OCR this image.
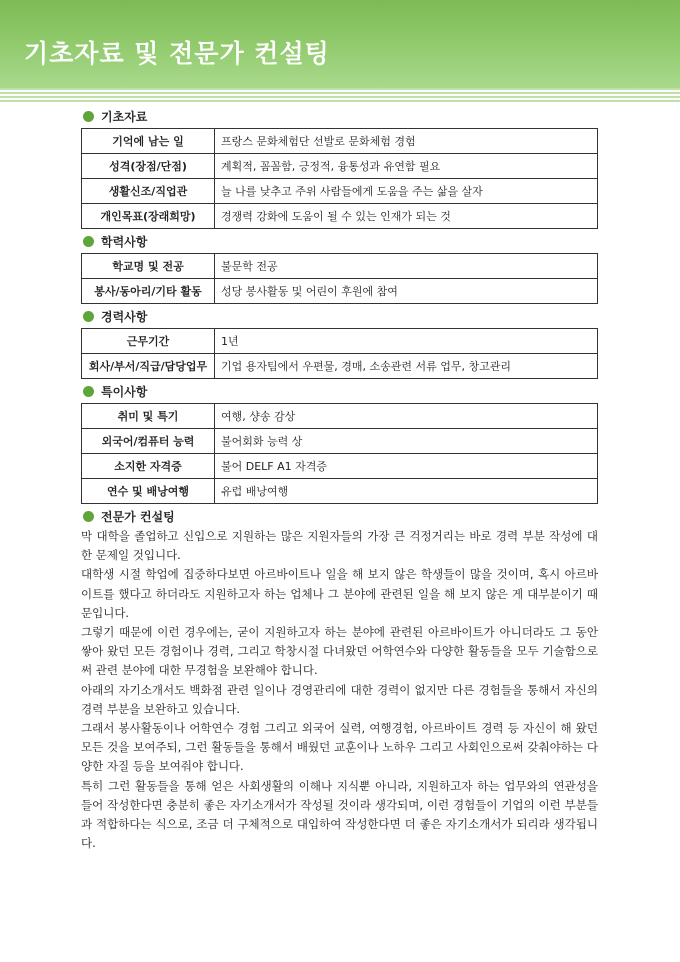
기초자료 및 전문가 컨설팅
기초자료
기억에 남는 일	프랑스 문화체험단 선발로 문화체험 경험
성격(장점/단점)	계획적, 꼼꼼함, 긍정적, 융통성과 유연함 필요
생활신조/직업관	늘 나를 낮추고 주위 사람들에게 도움을 주는 삶을 살자
개인목표(장래희망)	경쟁력 강화에 도움이 될 수 있는 인재가 되는 것
학력사항
학교명 및 전공	불문학 전공
봉사/동아리/기타 활동	성당 봉사활동 및 어린이 후원에 참여
경력사항
근무기간	1년
회사/부서/직급/담당업무	기업 용자팀에서 우편물, 경매, 소송관련 서류 업무, 창고관리
특이사항
취미 및 특기	여행, 샹송 감상
외국어/컴퓨터 능력	불어회화 능력 상
소지한 자격증	불어 DELF A1 자격증
연수 및 배낭여행	유럽 배낭여행
전문가 컨설팅

막 대학을 졸업하고 신입으로 지원하는 많은 지원자들의 가장 큰 걱정거리는 바로 경력 부분 작성에 대한 문제일 것입니다.

대학생 시절 학업에 집중하다보면 아르바이트나 일을 해 보지 않은 학생들이 많을 것이며, 혹시 아르바이트를 했다고 하더라도 지원하고자 하는 업체나 그 분야에 관련된 일을 해 보지 않은 게 대부분이기 때문입니다.

그렇기 때문에 이런 경우에는, 굳이 지원하고자 하는 분야에 관련된 아르바이트가 아니더라도 그 동안 쌓아 왔던 모든 경험이나 경력, 그리고 학창시절 다녀왔던 어학연수와 다양한 활동들을 모두 기술함으로써 관련 분야에 대한 무경험을 보완해야 합니다.

아래의 자기소개서도 백화점 관련 일이나 경영관리에 대한 경력이 없지만 다른 경험들을 통해서 자신의 경력 부분을 보완하고 있습니다.

그래서 봉사활동이나 어학연수 경험 그리고 외국어 실력, 여행경험, 아르바이트 경력 등 자신이 해 왔던 모든 것을 보여주되, 그런 활동들을 통해서 배웠던 교훈이나 노하우 그리고 사회인으로써 갖춰야하는 다양한 자질 등을 보여줘야 합니다.

특히 그런 활동들을 통해 얻은 사회생활의 이해나 지식뿐 아니라, 지원하고자 하는 업무와의 연관성을 들어 작성한다면 충분히 좋은 자기소개서가 작성될 것이라 생각되며, 이런 경험들이 기업의 이런 부분들과 적합하다는 식으로, 조금 더 구체적으로 대입하여 작성한다면 더 좋은 자기소개서가 되리라 생각됩니다.
